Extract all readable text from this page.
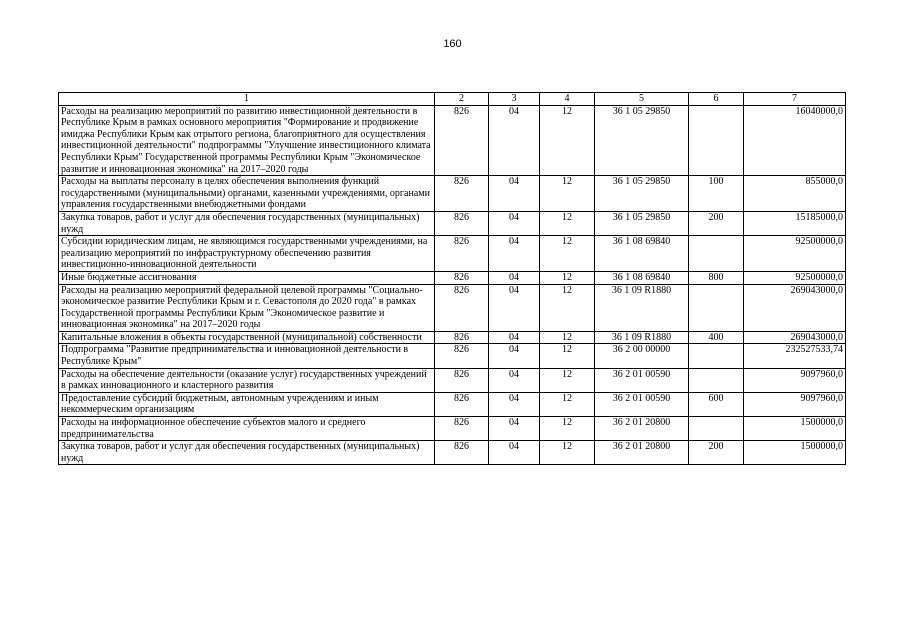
160
1	2	3	4	5	6	7
Расходы на реализацию мероприятий по развитию инвестиционной деятельности в Республике Крым в рамках основного мероприятия "Формирование и продвижение имиджа Республики Крым как отрытого региона, благоприятного для осуществления инвестиционной деятельности" подпрограммы "Улучшение инвестиционного климата Республики Крым" Государственной программы Республики Крым "Экономическое развитие и инновационная экономика" на 2017–2020 годы	826	04	12	36 1 05 29850		16040000,0
Расходы на выплаты персоналу в целях обеспечения выполнения функций государственными (муниципальными) органами, казенными учреждениями, органами управления государственными внебюджетными фондами	826	04	12	36 1 05 29850	100	855000,0
Закупка товаров, работ и услуг для обеспечения государственных (муниципальных) нужд	826	04	12	36 1 05 29850	200	15185000,0
Субсидии юридическим лицам, не являющимся государственными учреждениями, на реализацию мероприятий по инфраструктурному обеспечению развития инвестиционно-инновационной деятельности	826	04	12	36 1 08 69840		92500000,0
Иные бюджетные ассигнования	826	04	12	36 1 08 69840	800	92500000,0
Расходы на реализацию мероприятий федеральной целевой программы "Социально-экономическое развитие Республики Крым и г. Севастополя до 2020 года" в рамках Государственной программы Республики Крым "Экономическое развитие и инновационная экономика" на 2017–2020 годы	826	04	12	36 1 09 R1880		269043000,0
Капитальные вложения в объекты государственной (муниципальной) собственности	826	04	12	36 1 09 R1880	400	269043000,0
Подпрограмма "Развитие предпринимательства и инновационной деятельности в Республике Крым"	826	04	12	36 2 00 00000		232527533,74
Расходы на обеспечение деятельности (оказание услуг) государственных учреждений в рамках инновационного и кластерного развития	826	04	12	36 2 01 00590		9097960,0
Предоставление субсидий бюджетным, автономным учреждениям и иным некоммерческим организациям	826	04	12	36 2 01 00590	600	9097960,0
Расходы на информационное обеспечение субъектов малого и среднего предпринимательства	826	04	12	36 2 01 20800		1500000,0
Закупка товаров, работ и услуг для обеспечения государственных (муниципальных) нужд	826	04	12	36 2 01 20800	200	1500000,0
